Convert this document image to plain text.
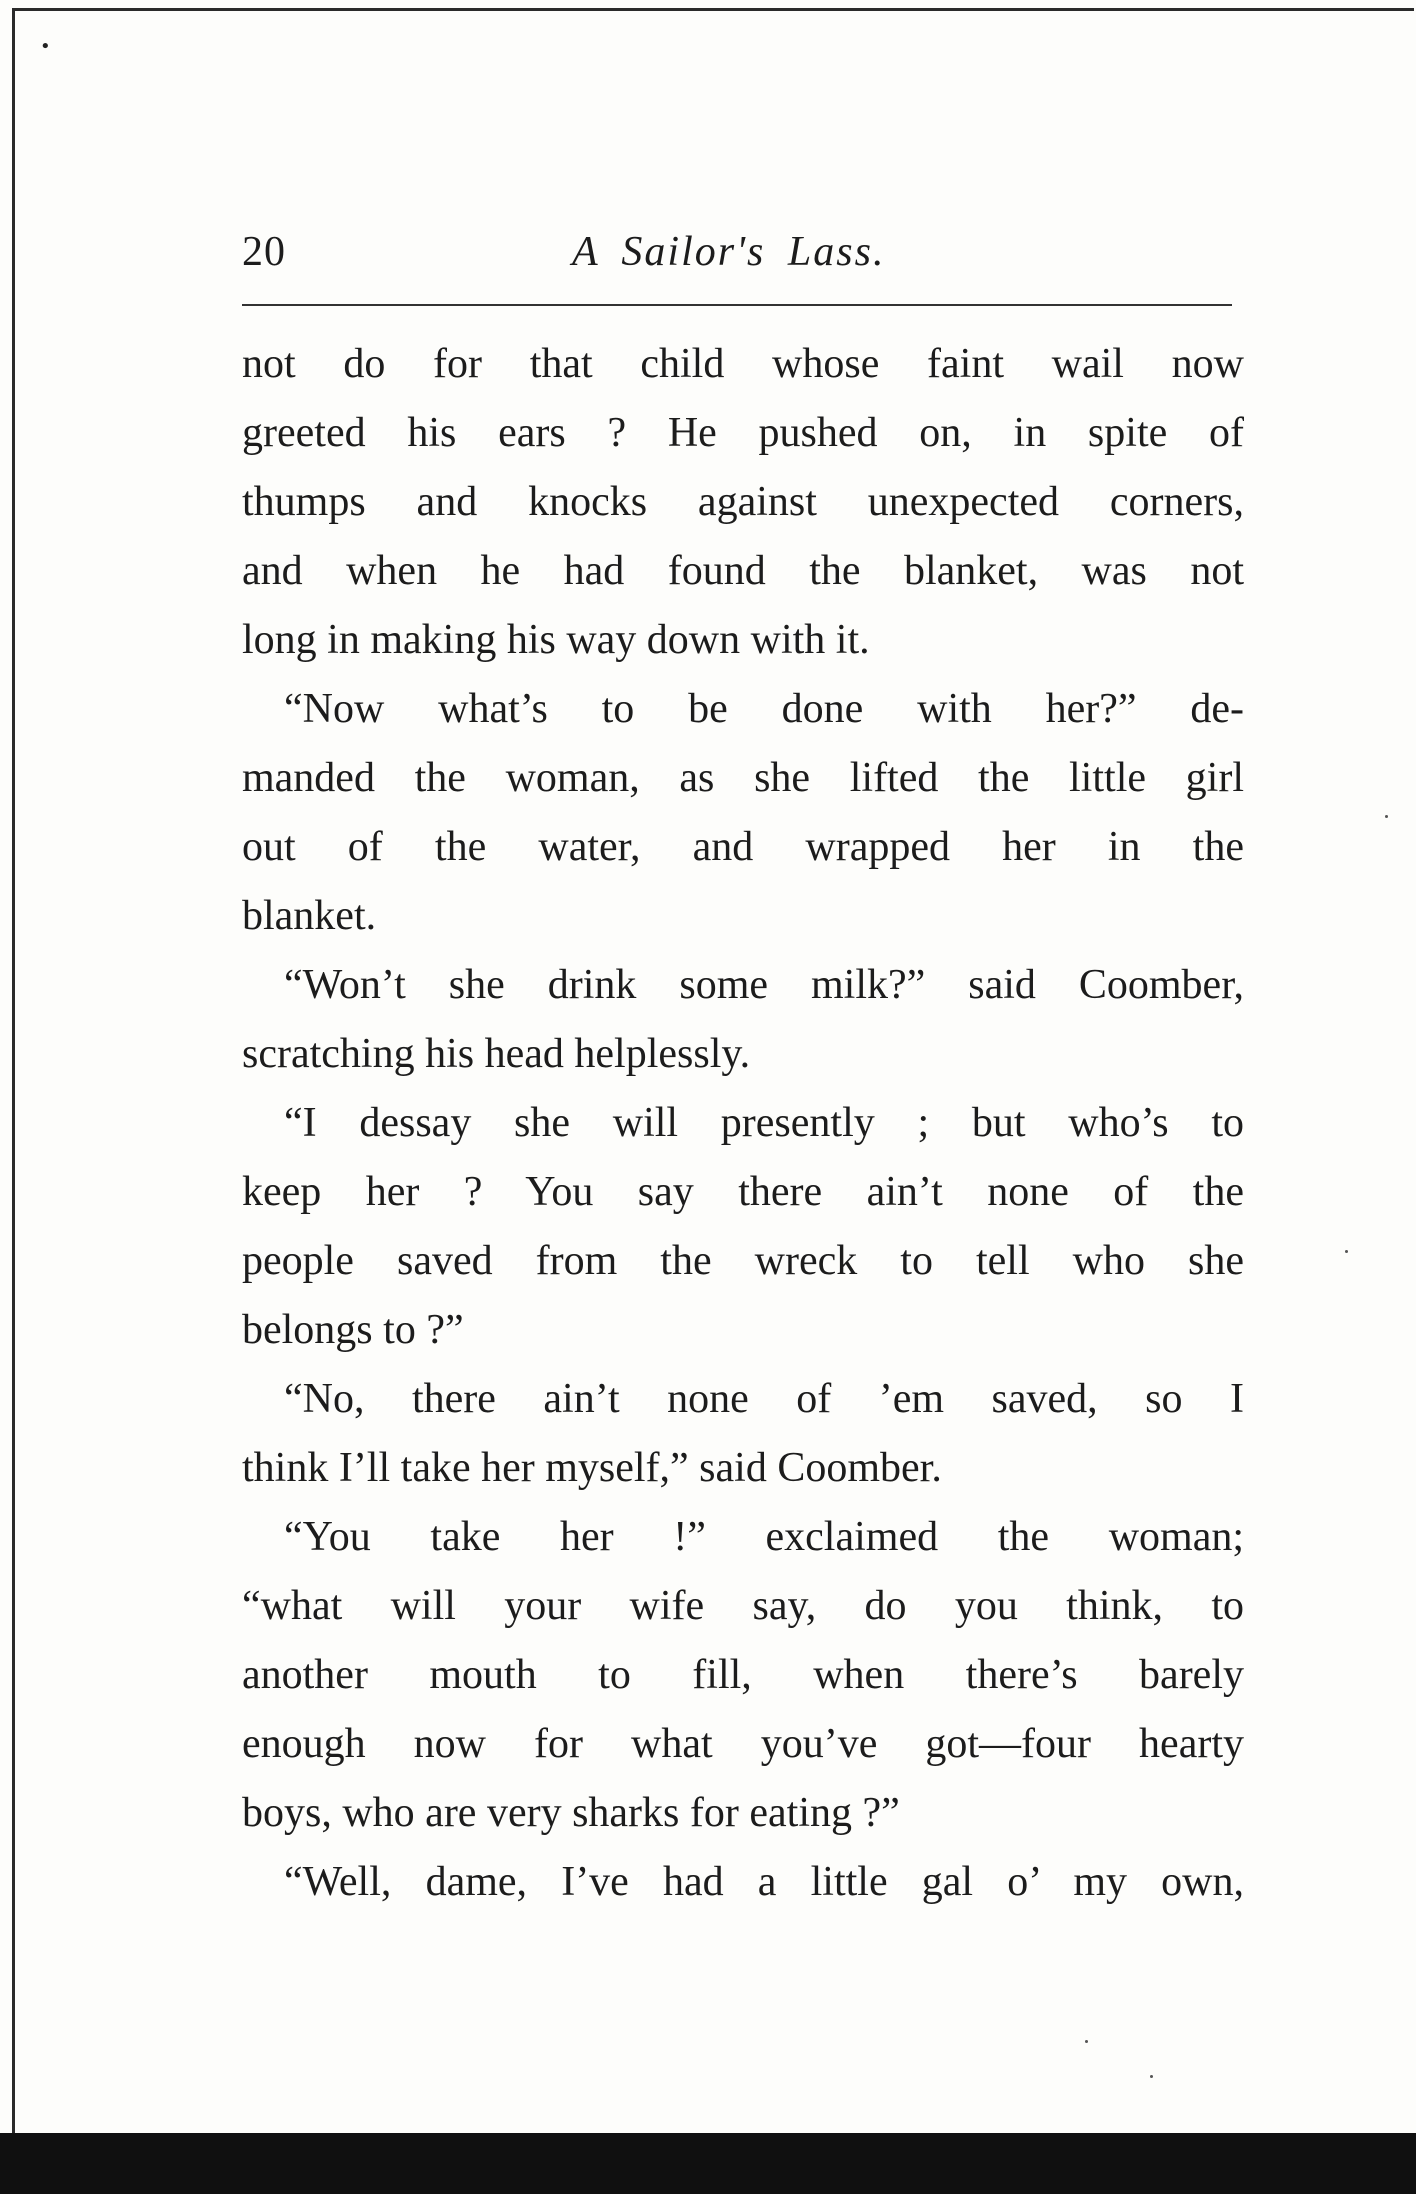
•
20	A Sailor's Lass.
not do for that child whose faint wail now
greeted his ears ? He pushed on, in spite of
thumps and knocks against unexpected corners,
and when he had found the blanket, was not
long in making his way down with it.
“Now what’s to be done with her?” de-
manded the woman, as she lifted the little girl
out of the water, and wrapped her in the
blanket.
“Won’t she drink some milk?” said Coomber,
scratching his head helplessly.
“I dessay she will presently ; but who’s to
keep her ? You say there ain’t none of the
people saved from the wreck to tell who she
belongs to ?”
“No, there ain’t none of ’em saved, so I
think I’ll take her myself,” said Coomber.
“You take her !” exclaimed the woman;
“what will your wife say, do you think, to
another mouth to fill, when there’s barely
enough now for what you’ve got—four hearty
boys, who are very sharks for eating ?”
“Well, dame, I’ve had a little gal o’ my own,
